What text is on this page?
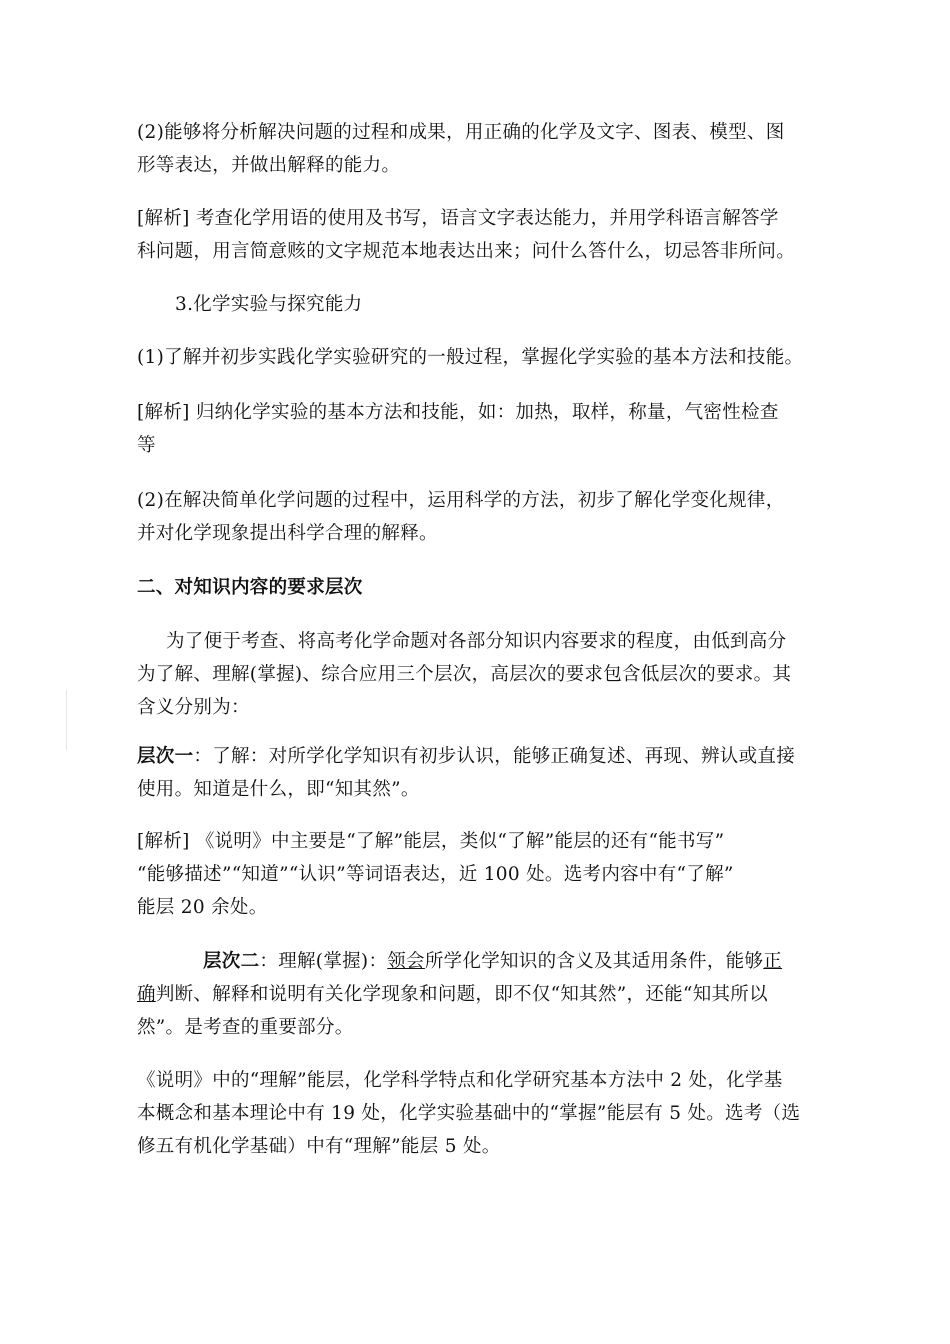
(2)能够将分析解决问题的过程和成果，用正确的化学及文字、图表、模型、图
形等表达，并做出解释的能力。
[解析] 考查化学用语的使用及书写，语言文字表达能力，并用学科语言解答学
科问题，用言简意赅的文字规范本地表达出来；问什么答什么，切忌答非所问。
3.化学实验与探究能力
(1)了解并初步实践化学实验研究的一般过程，掌握化学实验的基本方法和技能。
[解析] 归纳化学实验的基本方法和技能，如：加热，取样，称量，气密性检查
等
(2)在解决简单化学问题的过程中，运用科学的方法，初步了解化学变化规律，
并对化学现象提出科学合理的解释。
二、对知识内容的要求层次
为了便于考查、将高考化学命题对各部分知识内容要求的程度，由低到高分
为了解、理解(掌握)、综合应用三个层次，高层次的要求包含低层次的要求。其
含义分别为：
层次一：了解：对所学化学知识有初步认识，能够正确复述、再现、辨认或直接
使用。知道是什么，即“知其然”。
[解析] 《说明》中主要是“了解”能层，类似“了解”能层的还有“能书写”
“能够描述”“知道”“认识”等词语表达，近 100 处。选考内容中有“了解”
能层 20 余处。
层次二：理解(掌握)：领会所学化学知识的含义及其适用条件，能够正
确判断、解释和说明有关化学现象和问题，即不仅“知其然”，还能“知其所以
然”。是考查的重要部分。
《说明》中的“理解”能层，化学科学特点和化学研究基本方法中 2 处，化学基
本概念和基本理论中有 19 处，化学实验基础中的“掌握”能层有 5 处。选考（选
修五有机化学基础）中有“理解”能层 5 处。
